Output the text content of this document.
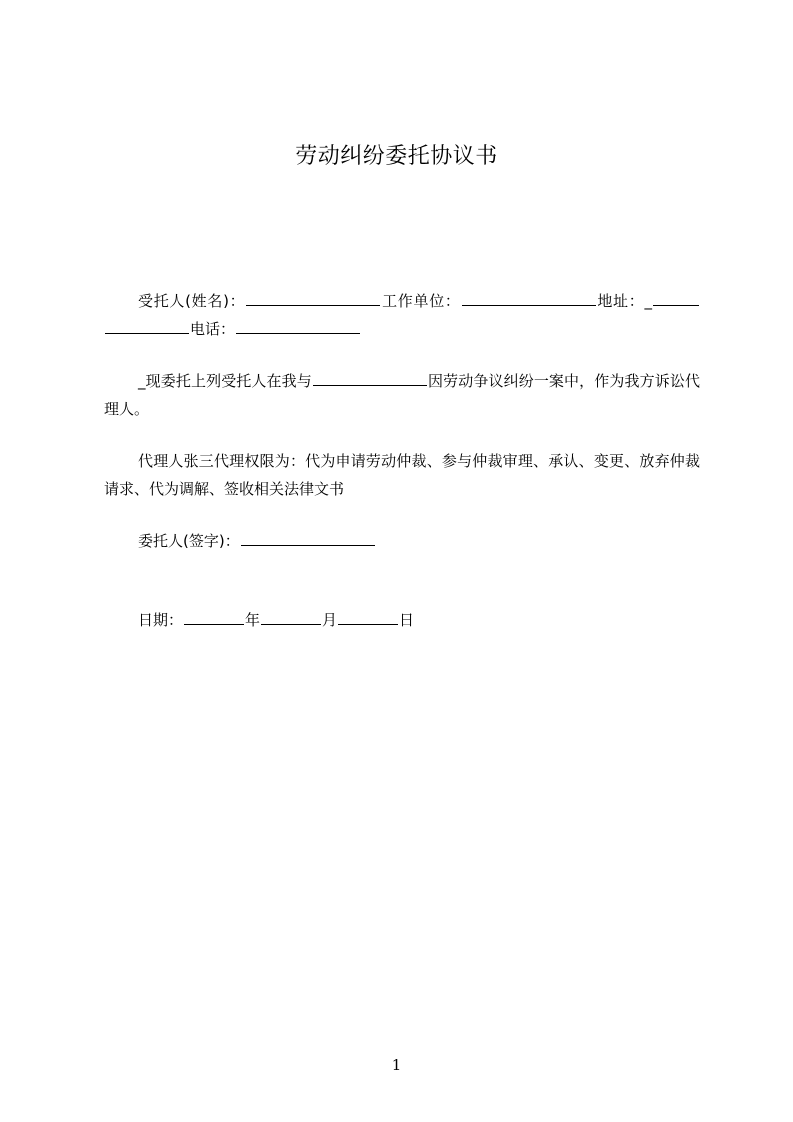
劳动纠纷委托协议书
受托人(姓名)：	工作单位：	地址：_电话：
_现委托上列受托人在我与	因劳动争议纠纷一案中，作为我方诉讼代理人。
代理人张三代理权限为：代为申请劳动仲裁、参与仲裁审理、承认、变更、放弃仲裁请求、代为调解、签收相关法律文书
委托人(签字)：
日期：	年	月	日
1
